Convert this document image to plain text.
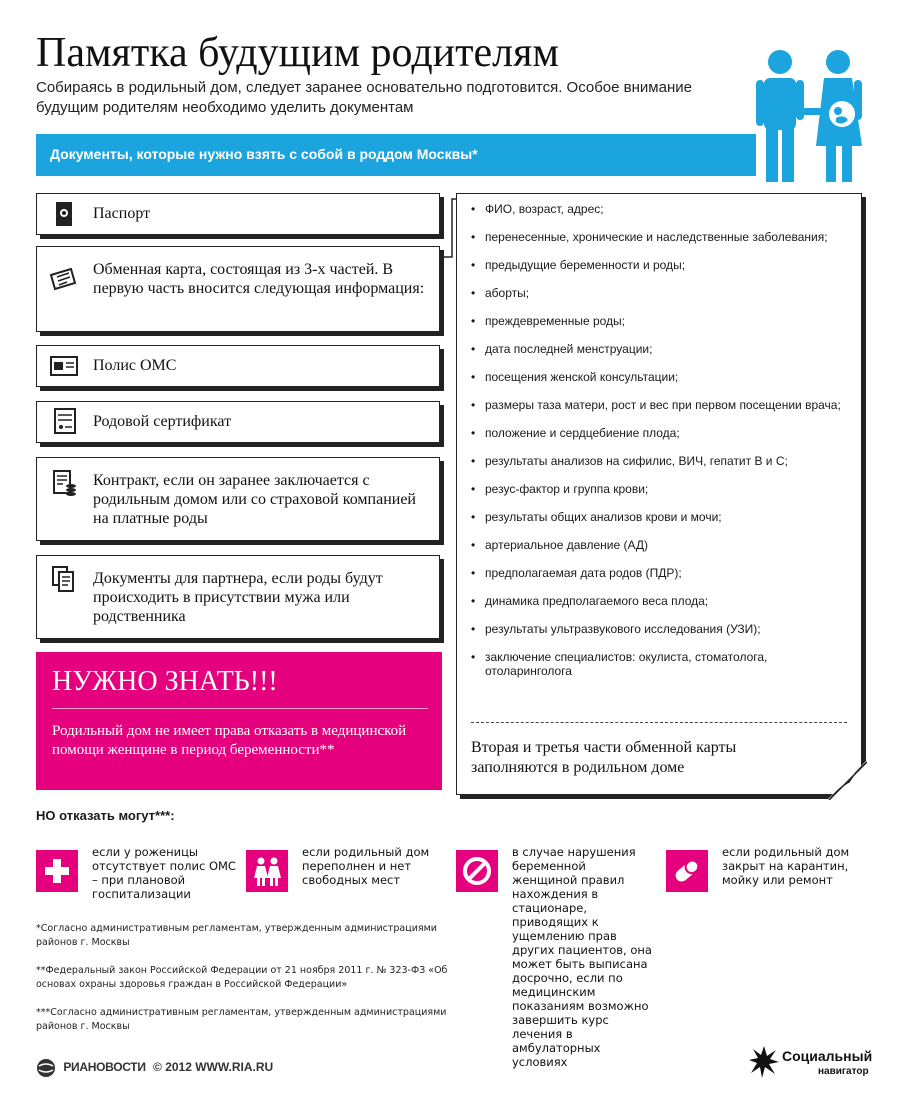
Памятка будущим родителям
Собираясь в родильный дом, следует заранее основательно подготовится. Особое внимание будущим родителям необходимо уделить документам
Документы, которые нужно взять с собой в роддом Москвы*
Паспорт
Обменная карта, состоящая из 3-х частей. В первую часть вносится следующая информация:
Полис ОМС
Родовой сертификат
Контракт, если он заранее заключается с родильным домом или со страховой компанией на платные роды
Документы для партнера, если роды будут происходить в присутствии мужа или родственника
• ФИО, возраст, адрес;
• перенесенные, хронические и наследственные заболевания;
• предыдущие беременности и роды;
• аборты;
• преждевременные роды;
• дата последней менструации;
• посещения женской консультации;
• размеры таза матери, рост и вес при первом посещении врача;
• положение и сердцебиение плода;
• результаты анализов на сифилис, ВИЧ, гепатит В и С;
• резус-фактор и группа крови;
• результаты общих анализов крови и мочи;
• артериальное давление (АД)
• предполагаемая дата родов (ПДР);
• динамика предполагаемого веса плода;
• результаты ультразвукового исследования (УЗИ);
• заключение специалистов: окулиста, стоматолога, отоларинголога
Вторая и третья части обменной карты заполняются в родильном доме
НУЖНО ЗНАТЬ!!!
Родильный дом не имеет права отказать в медицинской помощи женщине в период беременности**
НО отказать могут***:
если у роженицы отсутствует полис ОМС – при плановой госпитализации
если родильный дом переполнен и нет свободных мест
в случае нарушения беременной женщиной правил нахождения в стационаре, приводящих к ущемлению прав других пациентов, она может быть выписана досрочно, если по медицинским показаниям возможно завершить курс лечения в амбулаторных условиях
если родильный дом закрыт на карантин, мойку или ремонт
*Согласно административным регламентам, утвержденным администрациями районов г. Москвы
**Федеральный закон Российской Федерации от 21 ноября 2011 г. № 323-ФЗ «Об основах охраны здоровья граждан в Российской Федерации»
***Согласно административным регламентам, утвержденным администрациями районов г. Москвы
РИАНОВОСТИ © 2012 WWW.RIA.RU
Социальный
навигатор
